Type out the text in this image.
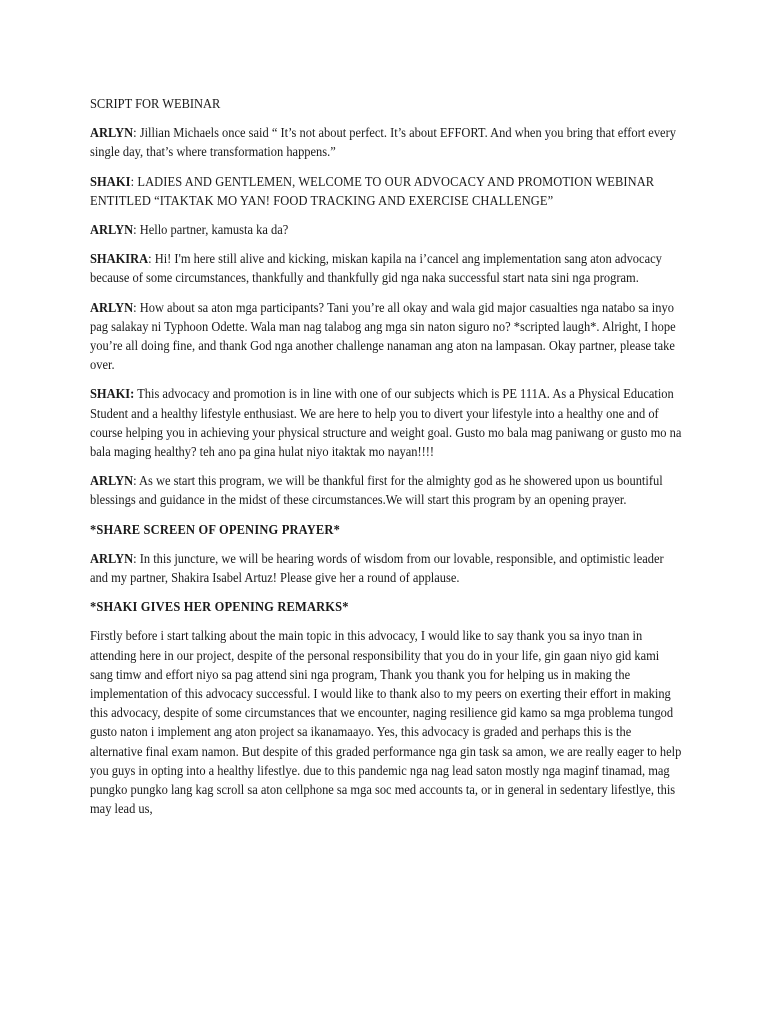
SCRIPT FOR WEBINAR

ARLYN: Jillian Michaels once said “ It’s not about perfect. It’s about EFFORT. And when you bring that effort every single day, that’s where transformation happens.”

SHAKI: LADIES AND GENTLEMEN, WELCOME TO OUR ADVOCACY AND PROMOTION WEBINAR ENTITLED “ITAKTAK MO YAN! FOOD TRACKING AND EXERCISE CHALLENGE”

ARLYN: Hello partner, kamusta ka da?

SHAKIRA: Hi! I'm here still alive and kicking, miskan kapila na i’cancel ang implementation sang aton advocacy because of some circumstances, thankfully and thankfully gid nga naka successful start nata sini nga program.

ARLYN: How about sa aton mga participants? Tani you’re all okay and wala gid major casualties nga natabo sa inyo pag salakay ni Typhoon Odette. Wala man nag talabog ang mga sin naton siguro no? *scripted laugh*. Alright, I hope you’re all doing fine, and thank God nga another challenge nanaman ang aton na lampasan. Okay partner, please take over.

SHAKI: This advocacy and promotion is in line with one of our subjects which is PE 111A. As a Physical Education Student and a healthy lifestyle enthusiast. We are here to help you to divert your lifestyle into a healthy one and of course helping you in achieving your physical structure and weight goal. Gusto mo bala mag paniwang or gusto mo na bala maging healthy? teh ano pa gina hulat niyo itaktak mo nayan!!!!

ARLYN: As we start this program, we will be thankful first for the almighty god as he showered upon us bountiful blessings and guidance in the midst of these circumstances.We will start this program by an opening prayer.

*SHARE SCREEN OF OPENING PRAYER*

ARLYN: In this juncture, we will be hearing words of wisdom from our lovable, responsible, and optimistic leader and my partner, Shakira Isabel Artuz! Please give her a round of applause.

*SHAKI GIVES HER OPENING REMARKS*

Firstly before i start talking about the main topic in this advocacy, I would like to say thank you sa inyo tnan in attending here in our project, despite of the personal responsibility that you do in your life, gin gaan niyo gid kami sang timw and effort niyo sa pag attend sini nga program, Thank you thank you for helping us in making the implementation of this advocacy successful. I would like to thank also to my peers on exerting their effort in making this advocacy, despite of some circumstances that we encounter, naging resilience gid kamo sa mga problema tungod gusto naton i implement ang aton project sa ikanamaayo. Yes, this advocacy is graded and perhaps this is the alternative final exam namon. But despite of this graded performance nga gin task sa amon, we are really eager to help you guys in opting into a healthy lifestlye. due to this pandemic nga nag lead saton mostly nga maginf tinamad, mag pungko pungko lang kag scroll sa aton cellphone sa mga soc med accounts ta, or in general in sedentary lifestlye, this may lead us,
